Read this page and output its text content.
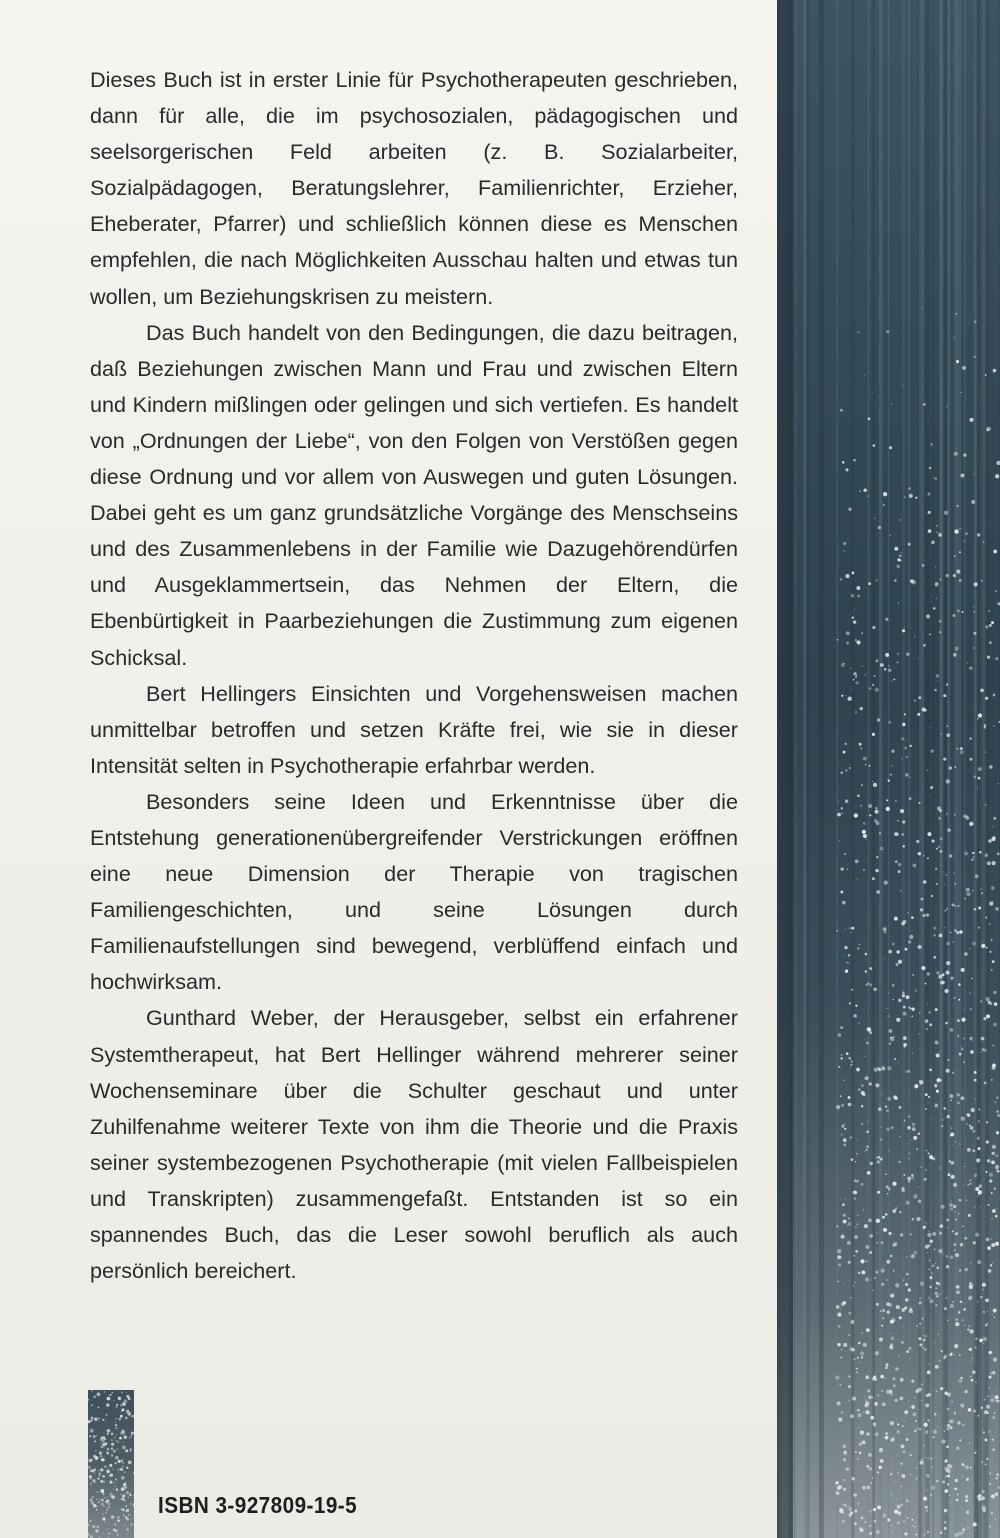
Dieses Buch ist in erster Linie für Psychotherapeuten geschrieben, dann für alle, die im psychosozialen, pädagogischen und seelsorgerischen Feld arbeiten (z. B. Sozialarbeiter, Sozialpädagogen, Beratungslehrer, Familienrichter, Erzieher, Eheberater, Pfarrer) und schließlich können diese es Menschen empfehlen, die nach Möglichkeiten Ausschau halten und etwas tun wollen, um Beziehungskrisen zu meistern.

Das Buch handelt von den Bedingungen, die dazu beitragen, daß Beziehungen zwischen Mann und Frau und zwischen Eltern und Kindern mißlingen oder gelingen und sich vertiefen. Es handelt von „Ordnungen der Liebe“, von den Folgen von Verstößen gegen diese Ordnung und vor allem von Auswegen und guten Lösungen. Dabei geht es um ganz grundsätzliche Vorgänge des Menschseins und des Zusammenlebens in der Familie wie Dazugehörendürfen und Ausgeklammertsein, das Nehmen der Eltern, die Ebenbürtigkeit in Paarbeziehungen die Zustimmung zum eigenen Schicksal.

Bert Hellingers Einsichten und Vorgehensweisen machen unmittelbar betroffen und setzen Kräfte frei, wie sie in dieser Intensität selten in Psychotherapie erfahrbar werden.

Besonders seine Ideen und Erkenntnisse über die Entstehung generationenübergreifender Verstrickungen eröffnen eine neue Dimension der Therapie von tragischen Familiengeschichten, und seine Lösungen durch Familienaufstellungen sind bewegend, verblüffend einfach und hochwirksam.

Gunthard Weber, der Herausgeber, selbst ein erfahrener Systemtherapeut, hat Bert Hellinger während mehrerer seiner Wochenseminare über die Schulter geschaut und unter Zuhilfenahme weiterer Texte von ihm die Theorie und die Praxis seiner systembezogenen Psychotherapie (mit vielen Fallbeispielen und Transkripten) zusammengefaßt. Entstanden ist so ein spannendes Buch, das die Leser sowohl beruflich als auch persönlich bereichert.

ISBN 3-927809-19-5
